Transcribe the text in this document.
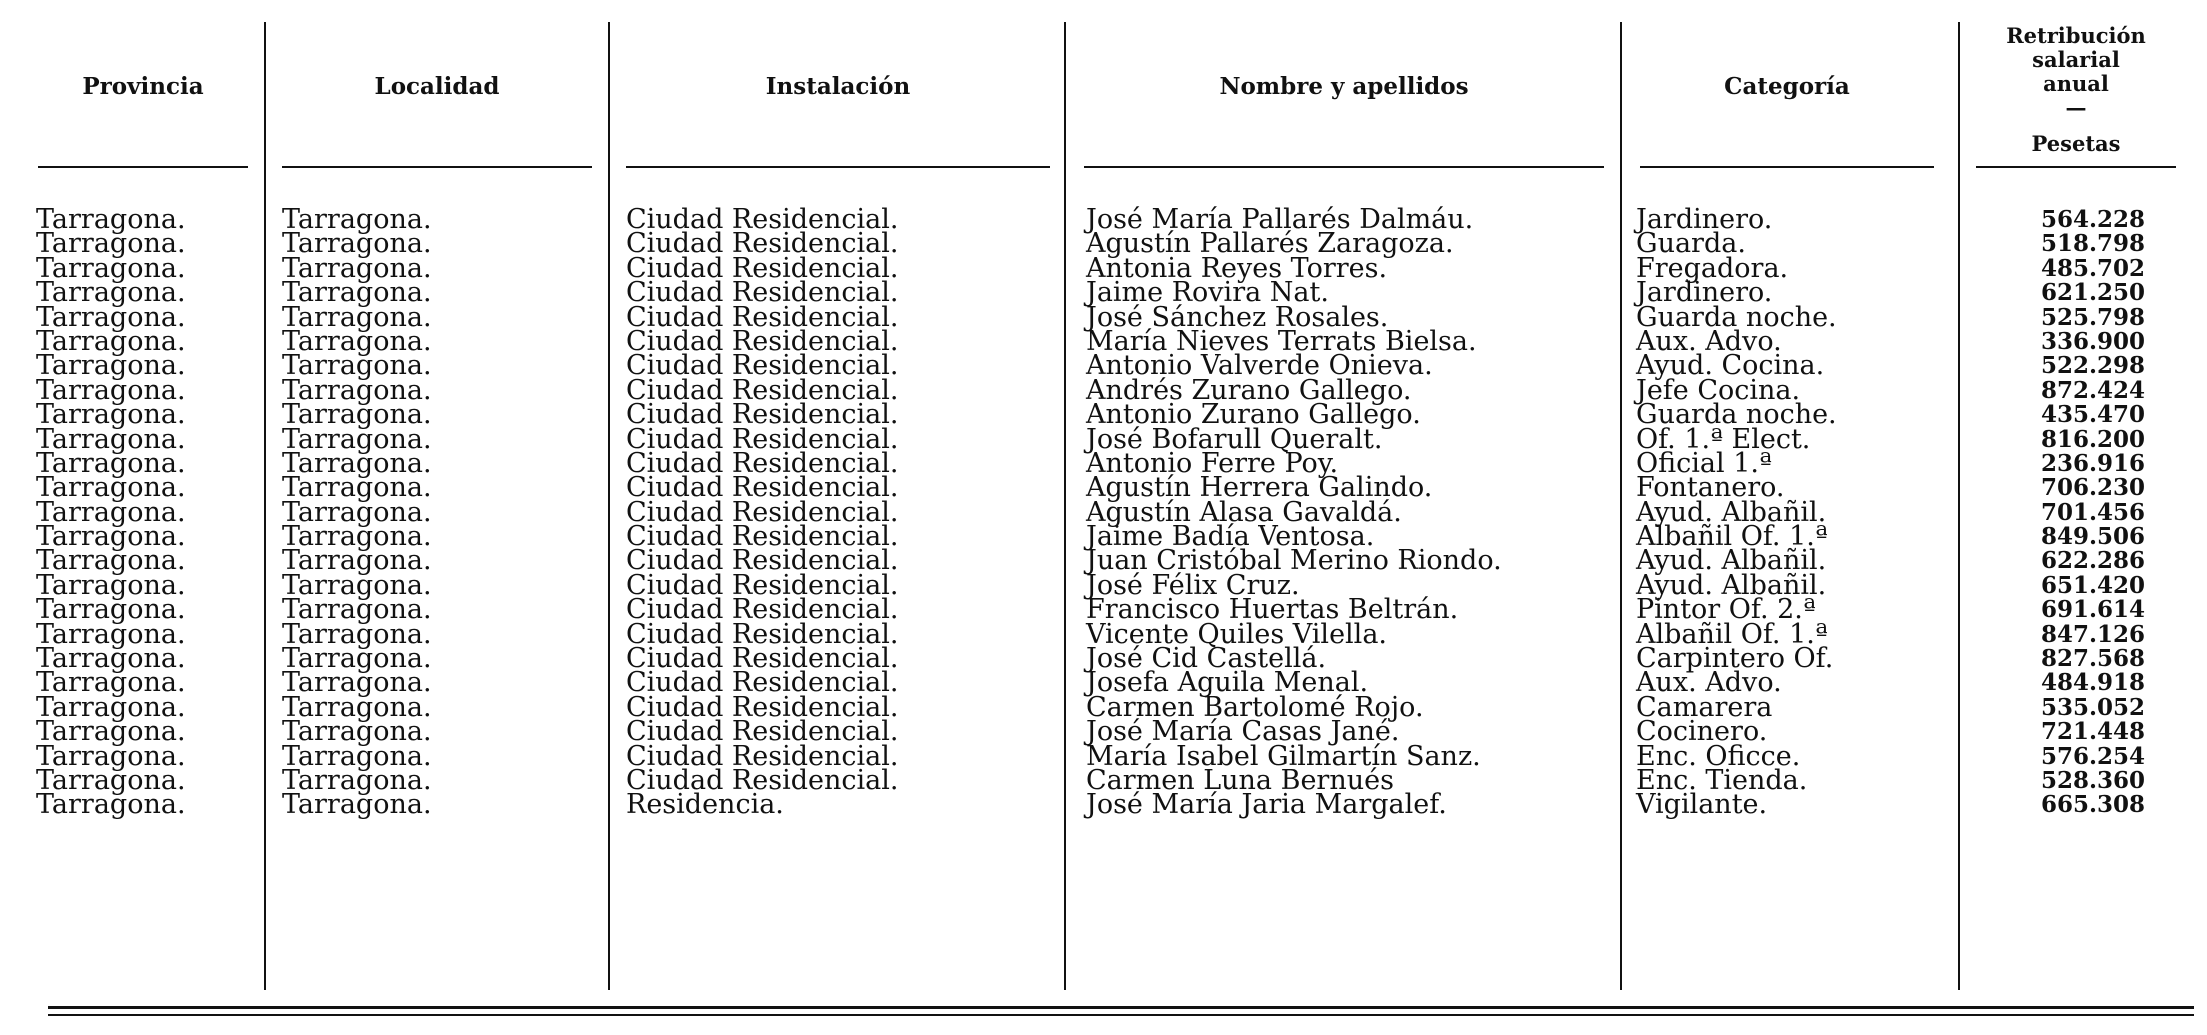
Provincia	Localidad	Instalación	Nombre y apellidos	Categoría
Retribución
salarial
anual
—
Pesetas
Tarragona.	Tarragona.	Ciudad Residencial.	José María Pallarés Dalmáu.	Jardinero.	564.228
Tarragona.	Tarragona.	Ciudad Residencial.	Agustín Pallarés Zaragoza.	Guarda.	518.798
Tarragona.	Tarragona.	Ciudad Residencial.	Antonia Reyes Torres.	Fregadora.	485.702
Tarragona.	Tarragona.	Ciudad Residencial.	Jaime Rovira Nat.	Jardinero.	621.250
Tarragona.	Tarragona.	Ciudad Residencial.	José Sánchez Rosales.	Guarda noche.	525.798
Tarragona.	Tarragona.	Ciudad Residencial.	María Nieves Terrats Bielsa.	Aux. Advo.	336.900
Tarragona.	Tarragona.	Ciudad Residencial.	Antonio Valverde Onieva.	Ayud. Cocina.	522.298
Tarragona.	Tarragona.	Ciudad Residencial.	Andrés Zurano Gallego.	Jefe Cocina.	872.424
Tarragona.	Tarragona.	Ciudad Residencial.	Antonio Zurano Gallego.	Guarda noche.	435.470
Tarragona.	Tarragona.	Ciudad Residencial.	José Bofarull Queralt.	Of. 1.ª Elect.	816.200
Tarragona.	Tarragona.	Ciudad Residencial.	Antonio Ferre Poy.	Oficial 1.ª	236.916
Tarragona.	Tarragona.	Ciudad Residencial.	Agustín Herrera Galindo.	Fontanero.	706.230
Tarragona.	Tarragona.	Ciudad Residencial.	Agustín Alasa Gavaldá.	Ayud. Albañil.	701.456
Tarragona.	Tarragona.	Ciudad Residencial.	Jaime Badía Ventosa.	Albañil Of. 1.ª	849.506
Tarragona.	Tarragona.	Ciudad Residencial.	Juan Cristóbal Merino Riondo.	Ayud. Albañil.	622.286
Tarragona.	Tarragona.	Ciudad Residencial.	José Félix Cruz.	Ayud. Albañil.	651.420
Tarragona.	Tarragona.	Ciudad Residencial.	Francisco Huertas Beltrán.	Pintor Of. 2.ª	691.614
Tarragona.	Tarragona.	Ciudad Residencial.	Vicente Quiles Vilella.	Albañil Of. 1.ª	847.126
Tarragona.	Tarragona.	Ciudad Residencial.	José Cid Castellá.	Carpintero Of.	827.568
Tarragona.	Tarragona.	Ciudad Residencial.	Josefa Aguila Menal.	Aux. Advo.	484.918
Tarragona.	Tarragona.	Ciudad Residencial.	Carmen Bartolomé Rojo.	Camarera	535.052
Tarragona.	Tarragona.	Ciudad Residencial.	José María Casas Jané.	Cocinero.	721.448
Tarragona.	Tarragona.	Ciudad Residencial.	María Isabel Gilmartín Sanz.	Enc. Oficce.	576.254
Tarragona.	Tarragona.	Ciudad Residencial.	Carmen Luna Bernués	Enc. Tienda.	528.360
Tarragona.	Tarragona.	Residencia.	José María Jaria Margalef.	Vigilante.	665.308
